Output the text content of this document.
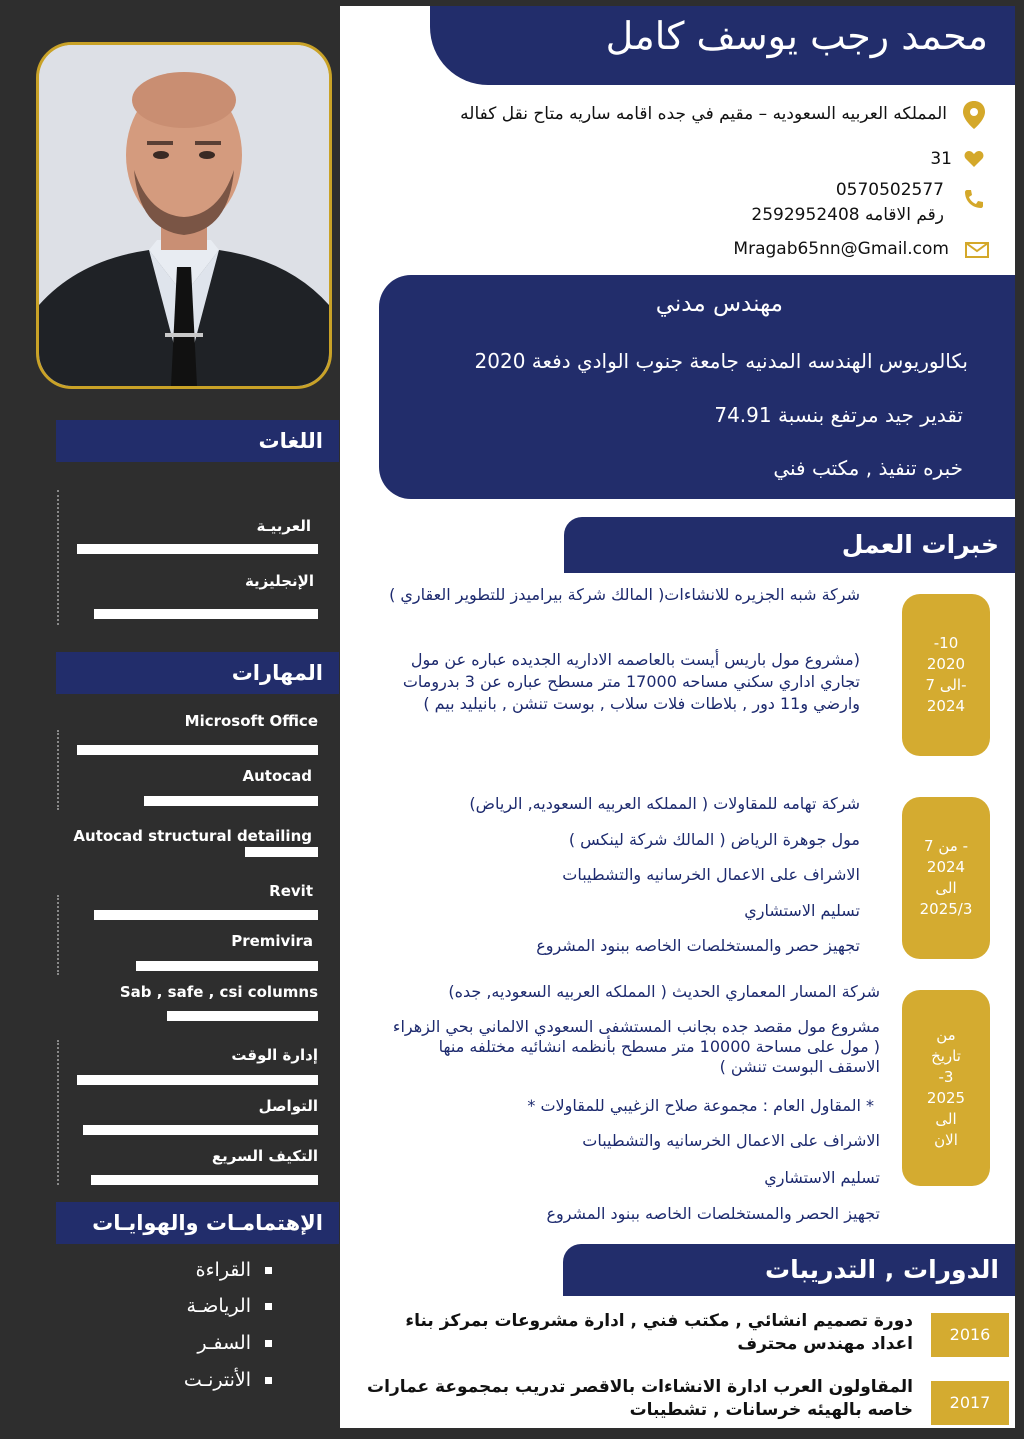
اللغات
العربيـة
الإنجليزية
المهارات
Microsoft Office
Autocad
Autocad structural detailing
Revit
Premivira
Sab , safe , csi columns
إدارة الوقت
التواصل
التكيف السريع
الإهتمامـات والهوايـات
القراءة
الرياضـة
السفـر
الأنترنـت
محمد رجب يوسف كامل
المملكه العربيه السعوديه – مقيم في جده اقامه ساريه متاح نقل كفاله
31
0570502577
رقم الاقامه 2592952408
Mragab65nn@Gmail.com
مهندس مدني
بكالوريوس الهندسه المدنيه جامعة جنوب الوادي دفعة 2020
تقدير جيد مرتفع بنسبة 74.91
خبره تنفيذ , مكتب فني
خبرات العمل
-10
2020
الى 7-
2024
شركة شبه الجزيره للانشاءات( المالك شركة بيراميدز للتطوير العقاري )
(مشروع مول باريس أيست بالعاصمه الاداريه الجديده عباره عن مول تجاري اداري سكني مساحه 17000 متر مسطح عباره عن 3 بدرومات وارضي و11 دور , بلاطات فلات سلاب , بوست تنشن , بانيليد بيم )
من 7 -
2024
الى
2025/3
شركة تهامه للمقاولات ( المملكه العربيه السعوديه, الرياض)
مول جوهرة الرياض ( المالك شركة لينكس )
الاشراف على الاعمال الخرسانيه والتشطيبات
تسليم الاستشاري
تجهيز حصر والمستخلصات الخاصه ببنود المشروع
من
تاريخ
-3
2025
الى
الان
شركة المسار المعماري الحديث ( المملكه العربيه السعوديه, جده)
مشروع مول مقصد جده بجانب المستشفى السعودي الالماني بحي الزهراء ( مول على مساحة 10000 متر مسطح بأنظمه انشائيه مختلفه منها الاسقف البوست تنشن )
* المقاول العام : مجموعة صلاح الزغيبي للمقاولات *
الاشراف على الاعمال الخرسانيه والتشطيبات
تسليم الاستشاري
تجهيز الحصر والمستخلصات الخاصه ببنود المشروع
الدورات , التدريبات
2016
دورة تصميم انشائي , مكتب فني , ادارة مشروعات بمركز بناء اعداد مهندس محترف
2017
المقاولون العرب ادارة الانشاءات بالاقصر تدريب بمجموعة عمارات خاصه بالهيئه خرسانات , تشطيبات
